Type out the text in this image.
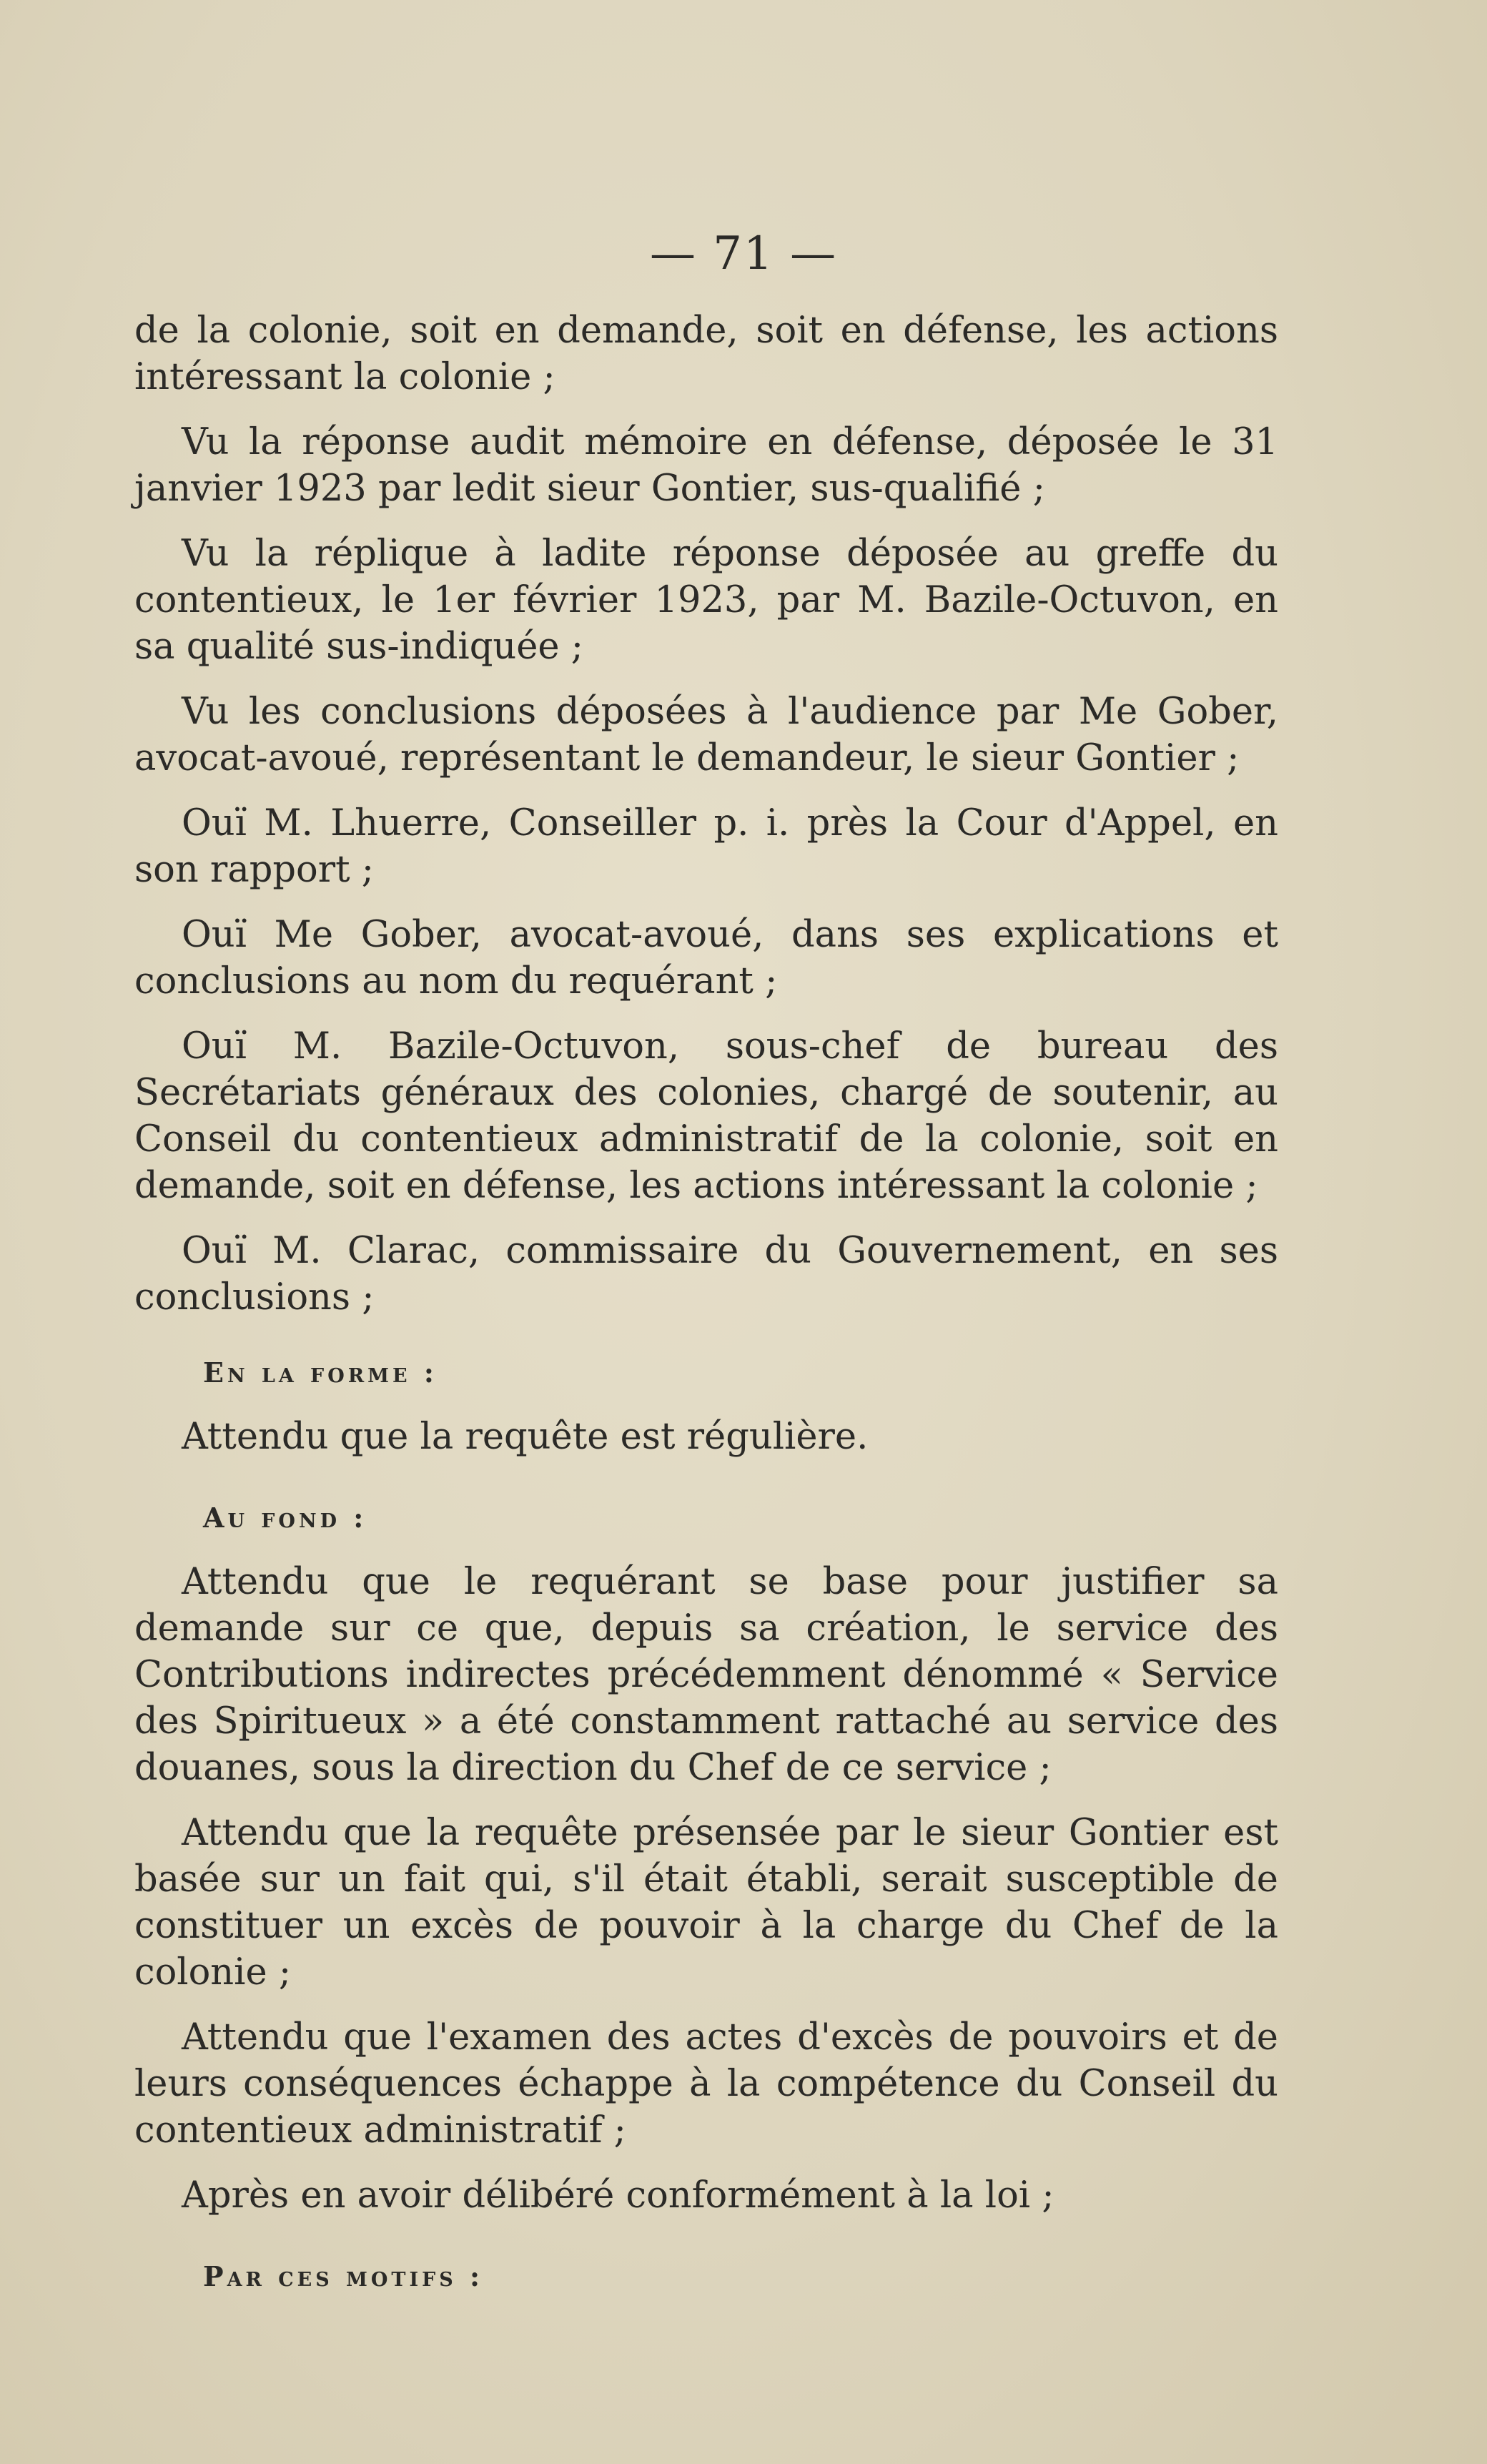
— 71 —

de la colonie, soit en demande, soit en défense, les actions intéressant la colonie ;

Vu la réponse audit mémoire en défense, déposée le 31 janvier 1923 par ledit sieur Gontier, sus-qualifié ;

Vu la réplique à ladite réponse déposée au greffe du contentieux, le 1er février 1923, par M. Bazile-Octuvon, en sa qualité sus-indiquée ;

Vu les conclusions déposées à l'audience par Me Gober, avocat-avoué, représentant le demandeur, le sieur Gontier ;

Ouï M. Lhuerre, Conseiller p. i. près la Cour d'Appel, en son rapport ;

Ouï Me Gober, avocat-avoué, dans ses explications et conclusions au nom du requérant ;

Ouï M. Bazile-Octuvon, sous-chef de bureau des Secrétariats généraux des colonies, chargé de soutenir, au Conseil du contentieux administratif de la colonie, soit en demande, soit en défense, les actions intéressant la colonie ;

Ouï M. Clarac, commissaire du Gouvernement, en ses conclusions ;

En la forme :

Attendu que la requête est régulière.

Au fond :

Attendu que le requérant se base pour justifier sa demande sur ce que, depuis sa création, le service des Contributions indirectes précédemment dénommé « Service des Spiritueux » a été constamment rattaché au service des douanes, sous la direction du Chef de ce service ;

Attendu que la requête présensée par le sieur Gontier est basée sur un fait qui, s'il était établi, serait susceptible de constituer un excès de pouvoir à la charge du Chef de la colonie ;

Attendu que l'examen des actes d'excès de pouvoirs et de leurs conséquences échappe à la compétence du Conseil du contentieux administratif ;

Après en avoir délibéré conformément à la loi ;

Par ces motifs :
